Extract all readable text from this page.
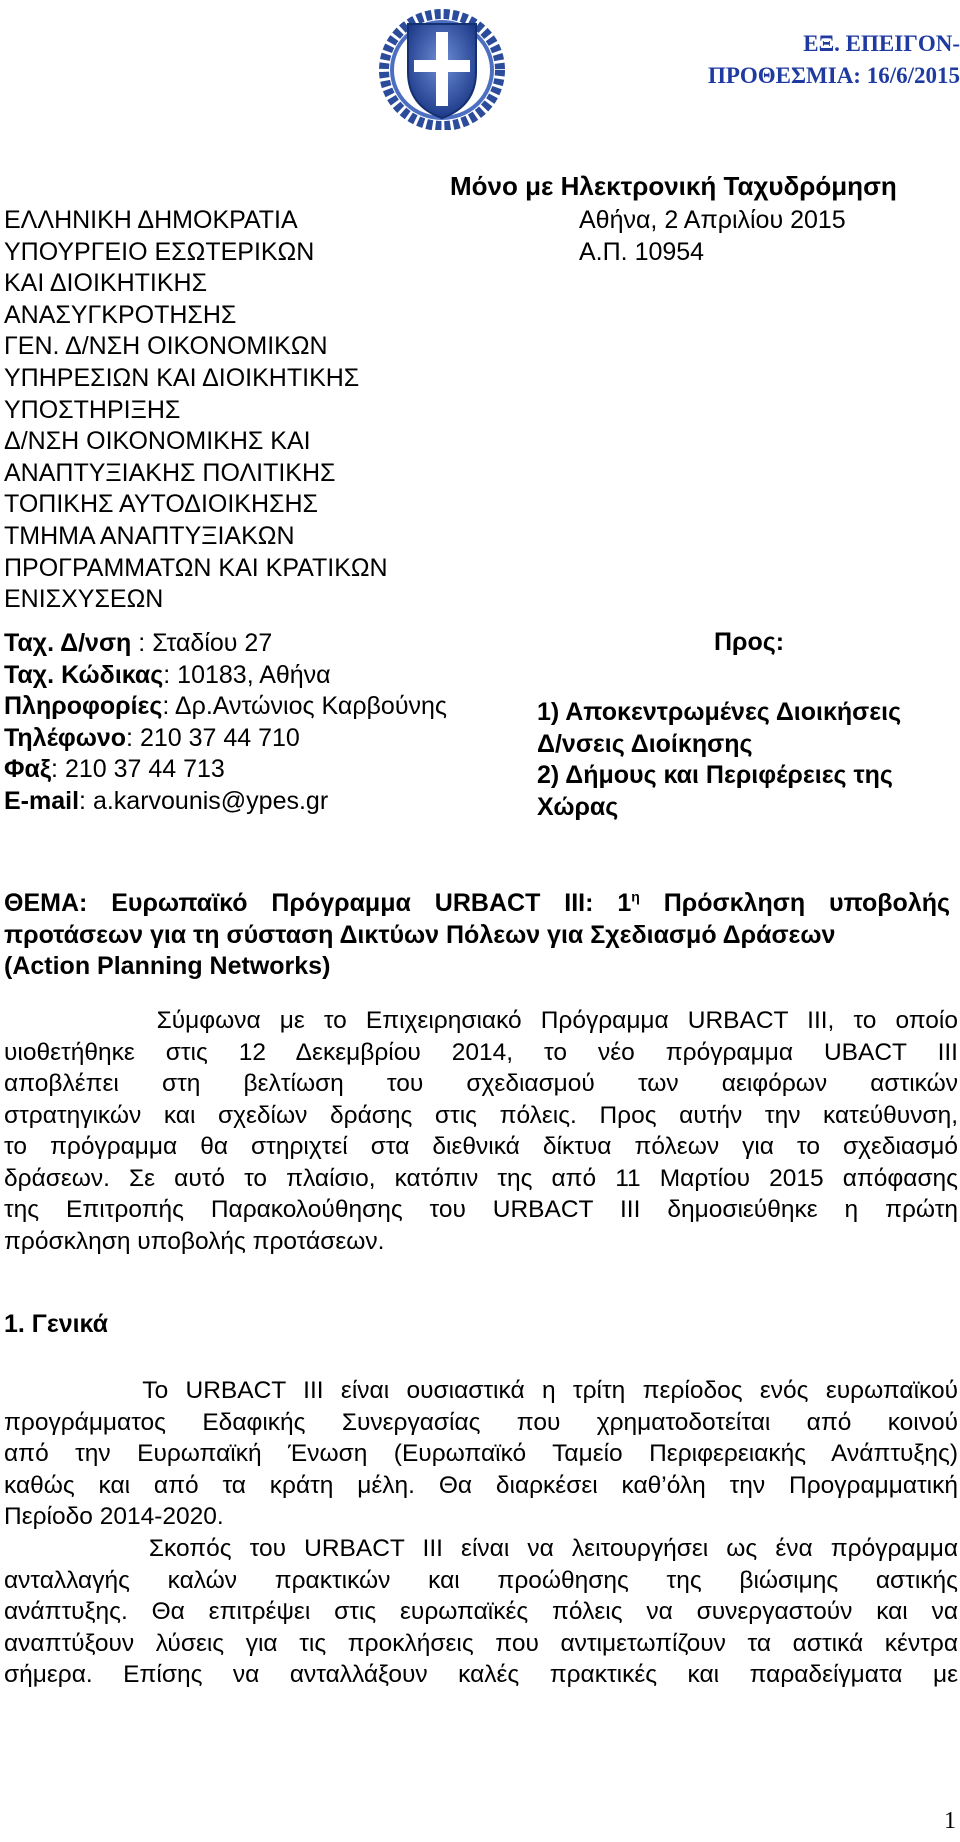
ΕΞ. ΕΠΕΙΓΟΝ-
ΠΡΟΘΕΣΜΙΑ: 16/6/2015
Μόνο με Ηλεκτρονική Ταχυδρόμηση
ΕΛΛΗΝΙΚΗ ΔΗΜΟΚΡΑΤΙΑ
ΥΠΟΥΡΓΕΙΟ ΕΣΩΤΕΡΙΚΩΝ
ΚΑΙ ΔΙΟΙΚΗΤΙΚΗΣ
ΑΝΑΣΥΓΚΡΟΤΗΣΗΣ
ΓΕΝ. Δ/ΝΣΗ ΟΙΚΟΝΟΜΙΚΩΝ
ΥΠΗΡΕΣΙΩΝ ΚΑΙ ΔΙΟΙΚΗΤΙΚΗΣ
ΥΠΟΣΤΗΡΙΞΗΣ
Δ/ΝΣΗ ΟΙΚΟΝΟΜΙΚΗΣ ΚΑΙ
ΑΝΑΠΤΥΞΙΑΚΗΣ ΠΟΛΙΤΙΚΗΣ
ΤΟΠΙΚΗΣ ΑΥΤΟΔΙΟΙΚΗΣΗΣ
ΤΜΗΜΑ ΑΝΑΠΤΥΞΙΑΚΩΝ
ΠΡΟΓΡΑΜΜΑΤΩΝ ΚΑΙ ΚΡΑΤΙΚΩΝ
ΕΝΙΣΧΥΣΕΩΝ
Αθήνα, 2 Απριλίου 2015
Α.Π. 10954
Ταχ. Δ/νση : Σταδίου 27
Ταχ. Κώδικας: 10183, Αθήνα
Πληροφορίες: Δρ.Αντώνιος Καρβούνης
Τηλέφωνο: 210 37 44 710
Φαξ: 210 37 44 713
E-mail: a.karvounis@ypes.gr
Προς:
1) Αποκεντρωμένες Διοικήσεις
Δ/νσεις Διοίκησης
2) Δήμους και Περιφέρειες της
Χώρας
ΘΕΜΑ: Ευρωπαϊκό Πρόγραμμα URBACT III: $1^\eta$ Πρόσκληση υποβολής
προτάσεων για τη σύσταση Δικτύων Πόλεων για Σχεδιασμό Δράσεων
(Action Planning Networks)
Σύμφωνα με το Επιχειρησιακό Πρόγραμμα URBACT III, το οποίο
υιοθετήθηκε στις 12 Δεκεμβρίου 2014, το νέο πρόγραμμα UBACT III
αποβλέπει στη βελτίωση του σχεδιασμού των αειφόρων αστικών
στρατηγικών και σχεδίων δράσης στις πόλεις. Προς αυτήν την κατεύθυνση,
το πρόγραμμα θα στηριχτεί στα διεθνικά δίκτυα πόλεων για το σχεδιασμό
δράσεων. Σε αυτό το πλαίσιο, κατόπιν της από 11 Μαρτίου 2015 απόφασης
της Επιτροπής Παρακολούθησης του URBACT III δημοσιεύθηκε η πρώτη
πρόσκληση υποβολής προτάσεων.
1. Γενικά
Το URBACT III είναι ουσιαστικά η τρίτη περίοδος ενός ευρωπαϊκού
προγράμματος Εδαφικής Συνεργασίας που χρηματοδοτείται από κοινού
από την Ευρωπαϊκή Ένωση (Ευρωπαϊκό Ταμείο Περιφερειακής Ανάπτυξης)
καθώς και από τα κράτη μέλη. Θα διαρκέσει καθ’όλη την Προγραμματική
Περίοδο 2014-2020.
Σκοπός του URBACT III είναι να λειτουργήσει ως ένα πρόγραμμα
ανταλλαγής καλών πρακτικών και προώθησης της βιώσιμης αστικής
ανάπτυξης. Θα επιτρέψει στις ευρωπαϊκές πόλεις να συνεργαστούν και να
αναπτύξουν λύσεις για τις προκλήσεις που αντιμετωπίζουν τα αστικά κέντρα
σήμερα. Επίσης να ανταλλάξουν καλές πρακτικές και παραδείγματα με
1
